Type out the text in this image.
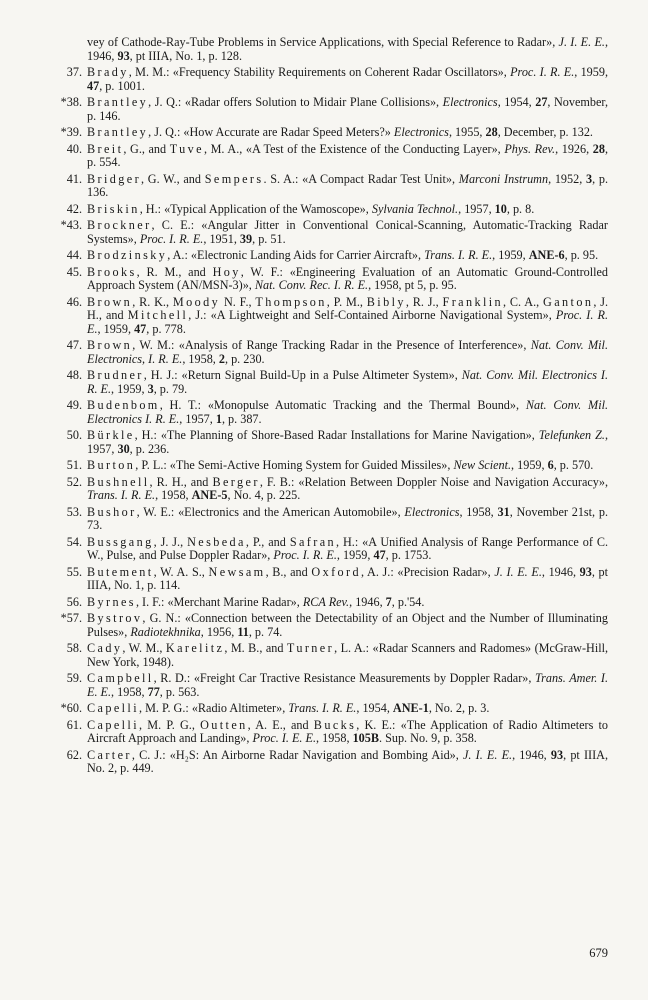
vey of Cathode-Ray-Tube Problems in Service Applications, with Special Reference to Radar», J. I. E. E., 1946, 93, pt IIIA, No. 1, p. 128.
37. Brady, M. M.: «Frequency Stability Requirements on Coherent Radar Oscillators», Proc. I. R. E., 1959, 47, p. 1001.
*38. Brantley, J. Q.: «Radar offers Solution to Midair Plane Collisions», Electronics, 1954, 27, November, p. 146.
*39. Brantley, J. Q.: «How Accurate are Radar Speed Meters?» Electronics, 1955, 28, December, p. 132.
40. Breit, G., and Tuve, M. A., «A Test of the Existence of the Conducting Layer», Phys. Rev., 1926, 28, p. 554.
41. Bridger, G. W., and Sempers. S. A.: «A Compact Radar Test Unit», Marconi Instrumn, 1952, 3, p. 136.
42. Briskin, H.: «Typical Application of the Wamoscope», Sylvania Technol., 1957, 10, p. 8.
*43. Brockner, C. E.: «Angular Jitter in Conventional Conical-Scanning, Automatic-Tracking Radar Systems», Proc. I. R. E., 1951, 39, p. 51.
44. Brodzinsky, A.: «Electronic Landing Aids for Carrier Aircraft», Trans. I. R. E., 1959, ANE-6, p. 95.
45. Brooks, R. M., and Hoy, W. F.: «Engineering Evaluation of an Automatic Ground-Controlled Approach System (AN/MSN-3)», Nat. Conv. Rec. I. R. E., 1958, pt 5, p. 95.
46. Brown, R. K., Moody N. F., Thompson, P. M., Bibly, R. J., Franklin, C. A., Ganton, J. H., and Mitchell, J.: «A Lightweight and Self-Contained Airborne Navigational System», Proc. I. R. E., 1959, 47, p. 778.
47. Brown, W. M.: «Analysis of Range Tracking Radar in the Presence of Interference», Nat. Conv. Mil. Electronics, I. R. E., 1958, 2, p. 230.
48. Brudner, H. J.: «Return Signal Build-Up in a Pulse Altimeter System», Nat. Conv. Mil. Electronics I. R. E., 1959, 3, p. 79.
49. Budenbom, H. T.: «Monopulse Automatic Tracking and the Thermal Bound», Nat. Conv. Mil. Electronics I. R. E., 1957, 1, p. 387.
50. Bürkle, H.: «The Planning of Shore-Based Radar Installations for Marine Navigation», Telefunken Z., 1957, 30, p. 236.
51. Burton, P. L.: «The Semi-Active Homing System for Guided Missiles», New Scient., 1959, 6, p. 570.
52. Bushnell, R. H., and Berger, F. B.: «Relation Between Doppler Noise and Navigation Accuracy», Trans. I. R. E., 1958, ANE-5, No. 4, p. 225.
53. Bushor, W. E.: «Electronics and the American Automobile», Electronics, 1958, 31, November 21st, p. 73.
54. Bussgang, J. J., Nesbeda, P., and Safran, H.: «A Unified Analysis of Range Performance of C. W., Pulse, and Pulse Doppler Radar», Proc. I. R. E., 1959, 47, p. 1753.
55. Butement, W. A. S., Newsam, B., and Oxford, A. J.: «Precision Radar», J. I. E. E., 1946, 93, pt IIIA, No. 1, p. 114.
56. Byrnes, I. F.: «Merchant Marine Radar», RCA Rev., 1946, 7, p.'54.
*57. Bystrov, G. N.: «Connection between the Detectability of an Object and the Number of Illuminating Pulses», Radiotekhnika, 1956, 11, p. 74.
58. Cady, W. M., Karelitz, M. B., and Turner, L. A.: «Radar Scanners and Radomes» (McGraw-Hill, New York, 1948).
59. Campbell, R. D.: «Freight Car Tractive Resistance Measurements by Doppler Radar», Trans. Amer. I. E. E., 1958, 77, p. 563.
*60. Capelli, M. P. G.: «Radio Altimeter», Trans. I. R. E., 1954, ANE-1, No. 2, p. 3.
61. Capelli, M. P. G., Outten, A. E., and Bucks, K. E.: «The Application of Radio Altimeters to Aircraft Approach and Landing», Proc. I. E. E., 1958, 105B. Sup. No. 9, p. 358.
62. Carter, C. J.: «H₂S: An Airborne Radar Navigation and Bombing Aid», J. I. E. E., 1946, 93, pt IIIA, No. 2, p. 449.
679
